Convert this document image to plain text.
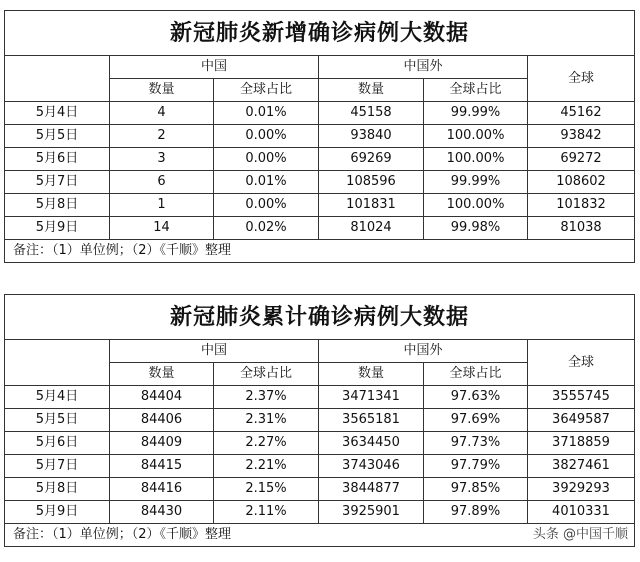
新冠肺炎新增确诊病例大数据					
	中国		中国外		全球
	数量	全球占比	数量	全球占比	
5月4日	4	0.01%	45158	99.99%	45162
5月5日	2	0.00%	93840	100.00%	93842
5月6日	3	0.00%	69269	100.00%	69272
5月7日	6	0.01%	108596	99.99%	108602
5月8日	1	0.00%	101831	100.00%	101832
5月9日	14	0.02%	81024	99.98%	81038
备注：（1）单位例；（2）《千顺》整理					
新冠肺炎累计确诊病例大数据					
	中国		中国外		全球
	数量	全球占比	数量	全球占比	
5月4日	84404	2.37%	3471341	97.63%	3555745
5月5日	84406	2.31%	3565181	97.69%	3649587
5月6日	84409	2.27%	3634450	97.73%	3718859
5月7日	84415	2.21%	3743046	97.79%	3827461
5月8日	84416	2.15%	3844877	97.85%	3929293
5月9日	84430	2.11%	3925901	97.89%	4010331
备注：（1）单位例；（2）《千顺》整理 头条 @中国千顺					
